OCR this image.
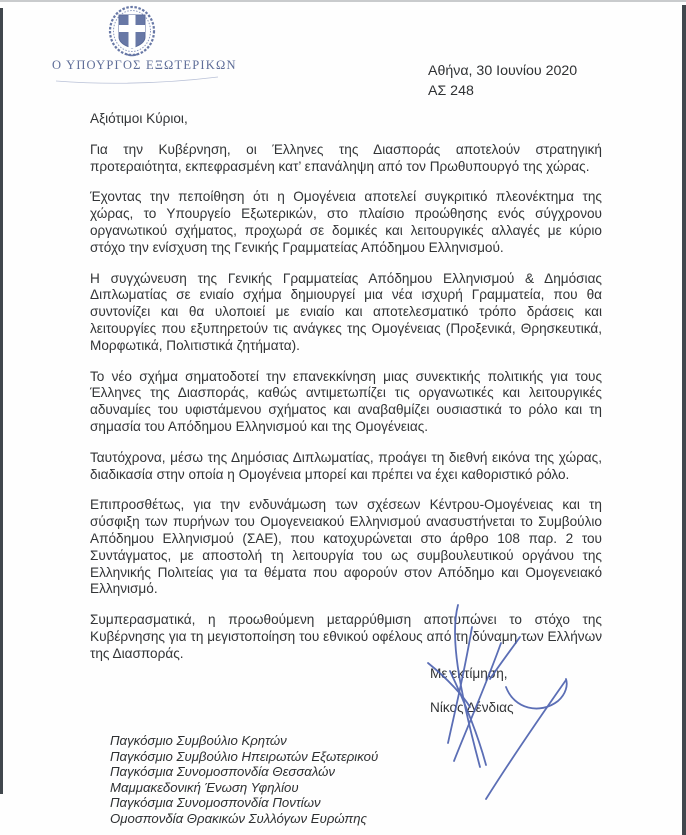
Ο ΥΠΟΥΡΓΟΣ ΕΞΩΤΕΡΙΚΩΝ	Αθήνα, 30 Ιουνίου 2020
ΑΣ 248

Αξιότιμοι Κύριοι,

Για την Κυβέρνηση, οι Έλληνες της Διασποράς αποτελούν στρατηγική προτεραιότητα, εκπεφρασμένη κατ’ επανάληψη από τον Πρωθυπουργό της χώρας.

Έχοντας την πεποίθηση ότι η Ομογένεια αποτελεί συγκριτικό πλεονέκτημα της χώρας, το Υπουργείο Εξωτερικών, στο πλαίσιο προώθησης ενός σύγχρονου οργανωτικού σχήματος, προχωρά σε δομικές και λειτουργικές αλλαγές με κύριο στόχο την ενίσχυση της Γενικής Γραμματείας Απόδημου Ελληνισμού.

Η συγχώνευση της Γενικής Γραμματείας Απόδημου Ελληνισμού & Δημόσιας Διπλωματίας σε ενιαίο σχήμα δημιουργεί μια νέα ισχυρή Γραμματεία, που θα συντονίζει και θα υλοποιεί με ενιαίο και αποτελεσματικό τρόπο δράσεις και λειτουργίες που εξυπηρετούν τις ανάγκες της Ομογένειας (Προξενικά, Θρησκευτικά, Μορφωτικά, Πολιτιστικά ζητήματα).

Το νέο σχήμα σηματοδοτεί την επανεκκίνηση μιας συνεκτικής πολιτικής για τους Έλληνες της Διασποράς, καθώς αντιμετωπίζει τις οργανωτικές και λειτουργικές αδυναμίες του υφιστάμενου σχήματος και αναβαθμίζει ουσιαστικά το ρόλο και τη σημασία του Απόδημου Ελληνισμού και της Ομογένειας.

Ταυτόχρονα, μέσω της Δημόσιας Διπλωματίας, προάγει τη διεθνή εικόνα της χώρας, διαδικασία στην οποία η Ομογένεια μπορεί και πρέπει να έχει καθοριστικό ρόλο.

Επιπροσθέτως, για την ενδυνάμωση των σχέσεων Κέντρου-Ομογένειας και τη σύσφιξη των πυρήνων του Ομογενειακού Ελληνισμού ανασυστήνεται το Συμβούλιο Απόδημου Ελληνισμού (ΣΑΕ), που κατοχυρώνεται στο άρθρο 108 παρ. 2 του Συντάγματος, με αποστολή τη λειτουργία του ως συμβουλευτικού οργάνου της Ελληνικής Πολιτείας για τα θέματα που αφορούν στον Απόδημο και Ομογενειακό Ελληνισμό.

Συμπερασματικά, η προωθούμενη μεταρρύθμιση αποτυπώνει το στόχο της Κυβέρνησης για τη μεγιστοποίηση του εθνικού οφέλους από τη δύναμη των Ελλήνων της Διασποράς.

Με εκτίμηση,
Νίκος Δένδιας
Παγκόσμιο Συμβούλιο Κρητών
Παγκόσμιο Συμβούλιο Ηπειρωτών Εξωτερικού
Παγκόσμια Συνομοσπονδία Θεσσαλών
Μαμμακεδονική Ένωση Υφηλίου
Παγκόσμια Συνομοσπονδία Ποντίων
Ομοσπονδία Θρακικών Συλλόγων Ευρώπης
